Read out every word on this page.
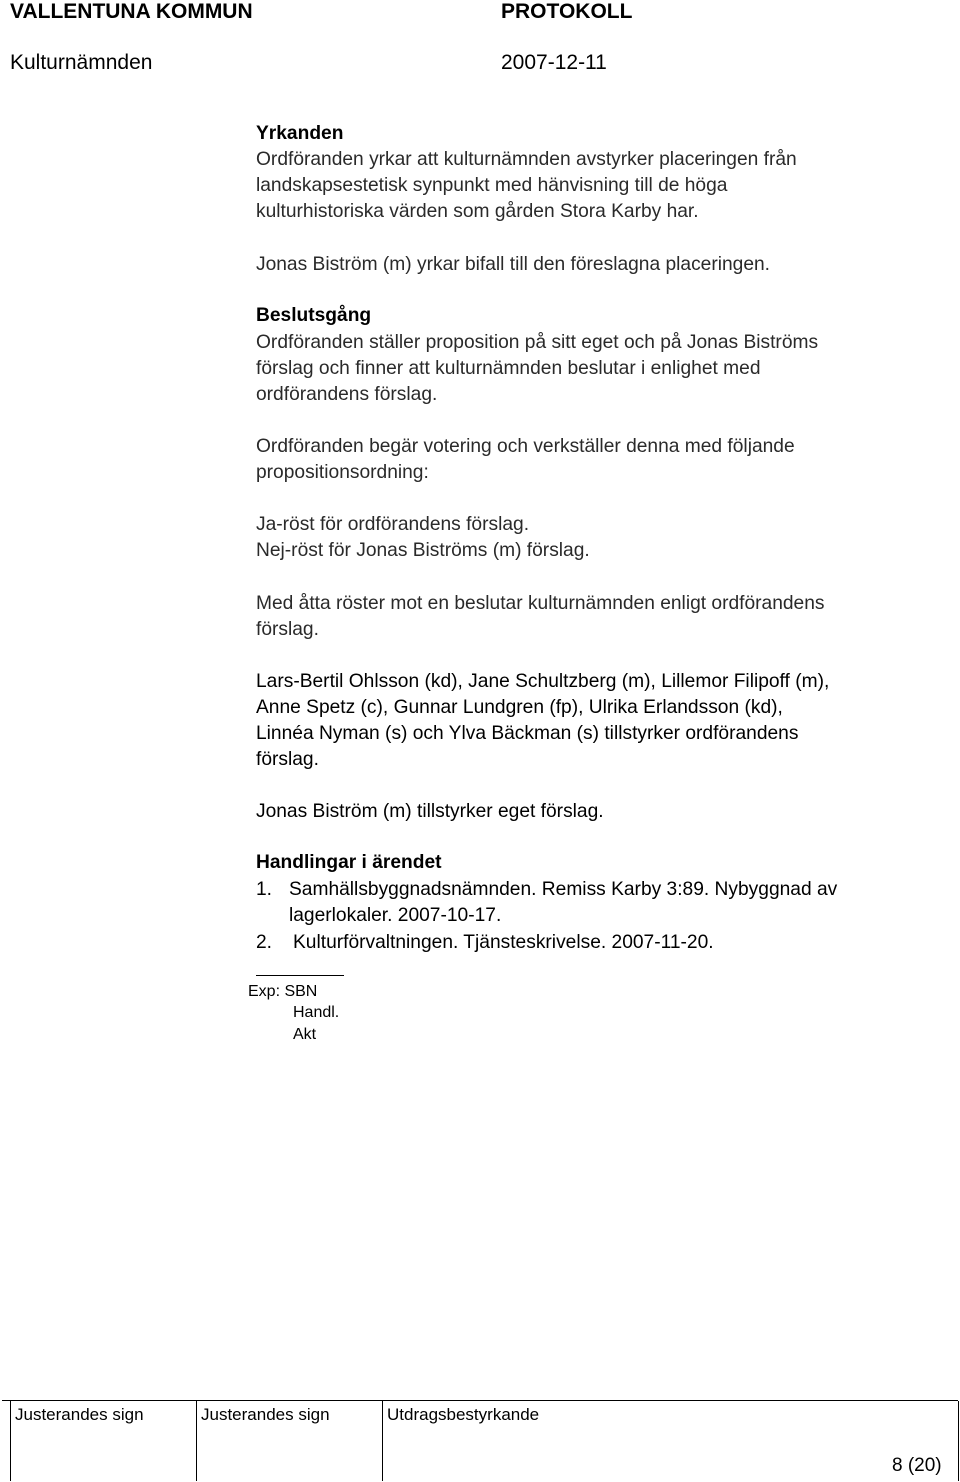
VALLENTUNA KOMMUN	PROTOKOLL
Kulturnämnden	2007-12-11
Yrkanden
Ordföranden yrkar att kulturnämnden avstyrker placeringen från
landskapsestetisk synpunkt med hänvisning till de höga
kulturhistoriska värden som gården Stora Karby har.
Jonas Biström (m) yrkar bifall till den föreslagna placeringen.
Beslutsgång
Ordföranden ställer proposition på sitt eget och på Jonas Biströms
förslag och finner att kulturnämnden beslutar i enlighet med
ordförandens förslag.
Ordföranden begär votering och verkställer denna med följande
propositionsordning:
Ja-röst för ordförandens förslag.
Nej-röst för Jonas Biströms (m) förslag.
Med åtta röster mot en beslutar kulturnämnden enligt ordförandens
förslag.
Lars-Bertil Ohlsson (kd), Jane Schultzberg (m), Lillemor Filipoff (m),
Anne Spetz (c), Gunnar Lundgren (fp), Ulrika Erlandsson (kd),
Linnéa Nyman (s) och Ylva Bäckman (s) tillstyrker ordförandens
förslag.
Jonas Biström (m) tillstyrker eget förslag.
Handlingar i ärendet
1. Samhällsbyggnadsnämnden. Remiss Karby 3:89. Nybyggnad av
lagerlokaler. 2007-10-17.
2. Kulturförvaltningen. Tjänsteskrivelse. 2007-11-20.
Exp: SBN
Handl.
Akt
Justerandes sign	Justerandes sign	Utdragsbestyrkande
8 (20)
